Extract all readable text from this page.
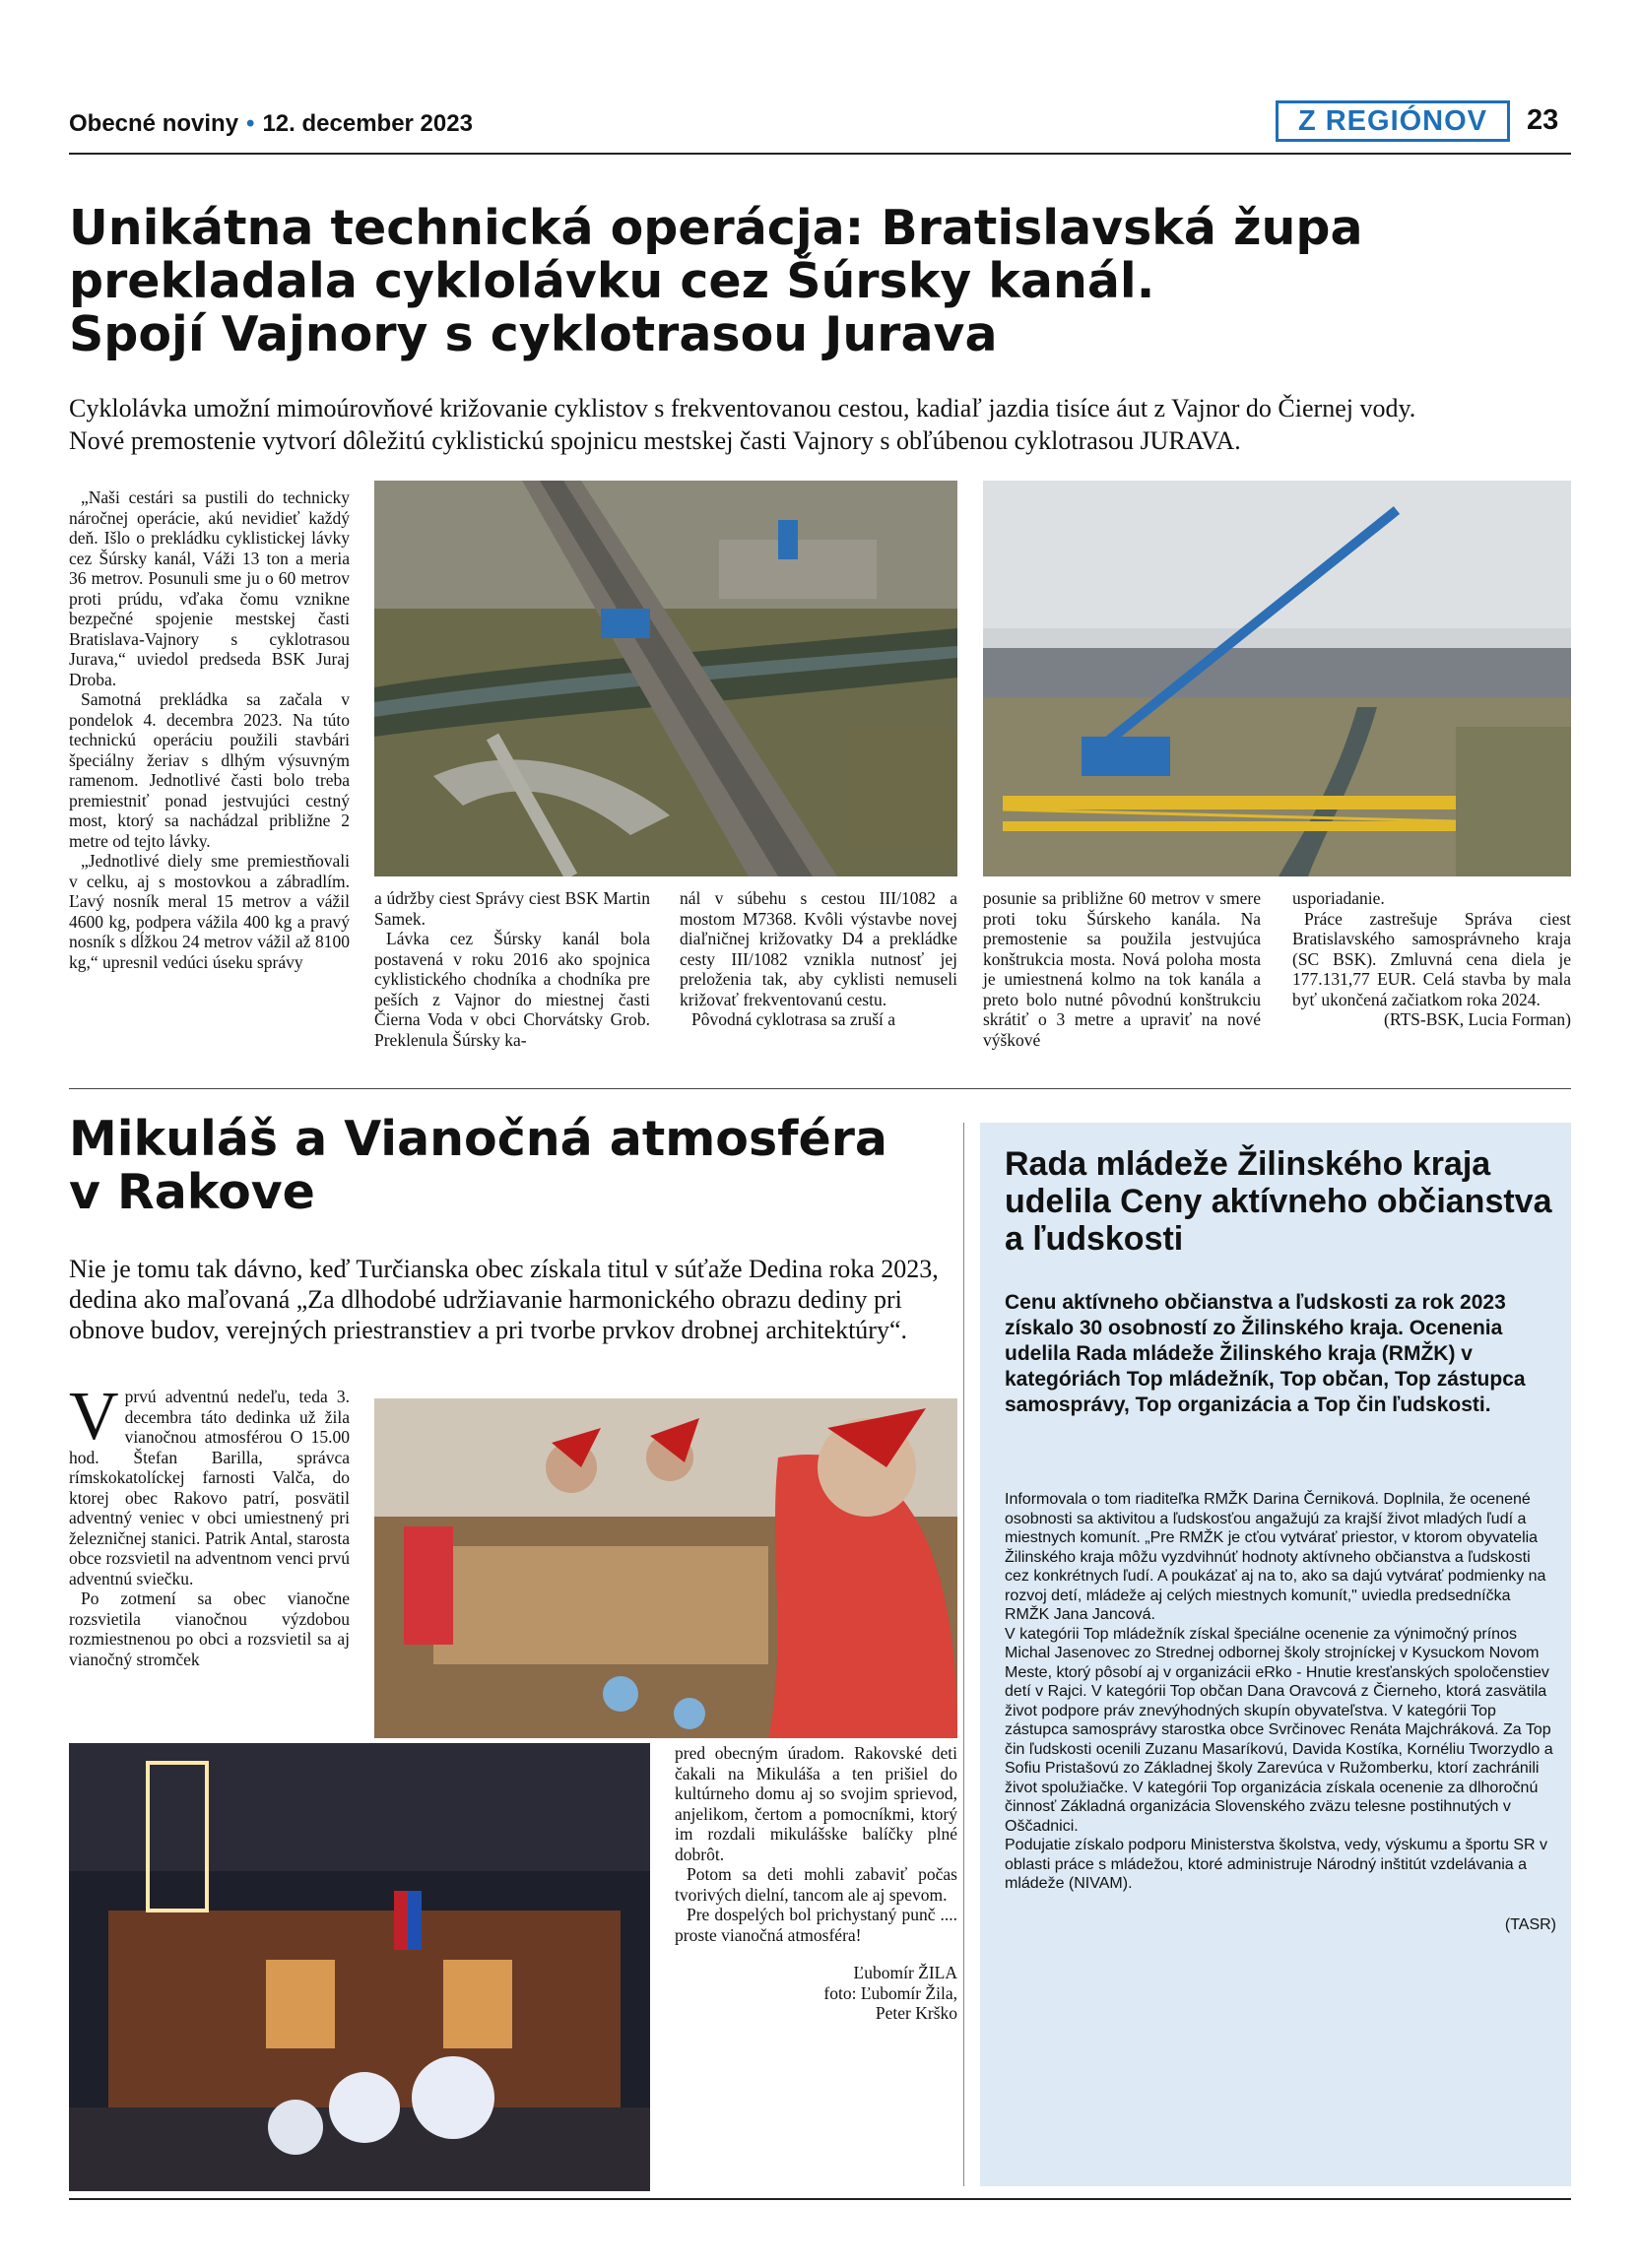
Obecné noviny • 12. december 2023	Z REGIÓNOV	23
Unikátna technická operácja: Bratislavská župa
prekladala cyklolávku cez Šúrsky kanál.
Spojí Vajnory s cyklotrasou Jurava
Cyklolávka umožní mimoúrovňové križovanie cyklistov s frekventovanou cestou, kadiaľ jazdia tisíce áut z Vajnor do Čiernej vody.
Nové premostenie vytvorí dôležitú cyklistickú spojnicu mestskej časti Vajnory s obľúbenou cyklotrasou JURAVA.

„Naši cestári sa pustili do technicky náročnej operácie, akú nevidieť každý deň. Išlo o prekládku cyklistickej lávky cez Šúrsky kanál, Váži 13 ton a meria 36 metrov. Posunuli sme ju o 60 metrov proti prúdu, vďaka čomu vznikne bezpečné spojenie mestskej časti Bratislava-Vajnory s cyklotrasou Jurava,“ uviedol predseda BSK Juraj Droba.

Samotná prekládka sa začala v pondelok 4. decembra 2023. Na túto technickú operáciu použili stavbári špeciálny žeriav s dlhým výsuvným ramenom. Jednotlivé časti bolo treba premiestniť ponad jestvujúci cestný most, ktorý sa nachádzal približne 2 metre od tejto lávky.

„Jednotlivé diely sme premiestňovali v celku, aj s mostovkou a zábradlím. Ľavý nosník meral 15 metrov a vážil 4600 kg, podpera vážila 400 kg a pravý nosník s dĺžkou 24 metrov vážil až 8100 kg,“ upresnil vedúci úseku správy

a údržby ciest Správy ciest BSK Martin Samek.

Lávka cez Šúrsky kanál bola postavená v roku 2016 ako spojnica cyklistického chodníka a chodníka pre peších z Vajnor do miestnej časti Čierna Voda v obci Chorvátsky Grob. Preklenula Šúrsky ka-

nál v súbehu s cestou III/1082 a mostom M7368. Kvôli výstavbe novej diaľničnej križovatky D4 a prekládke cesty III/1082 vznikla nutnosť jej preloženia tak, aby cyklisti nemuseli križovať frekventovanú cestu.

Pôvodná cyklotrasa sa zruší a

posunie sa približne 60 metrov v smere proti toku Šúrskeho kanála. Na premostenie sa použila jestvujúca konštrukcia mosta. Nová poloha mosta je umiestnená kolmo na tok kanála a preto bolo nutné pôvodnú konštrukciu skrátiť o 3 metre a upraviť na nové výškové

usporiadanie.

Práce zastrešuje Správa ciest Bratislavského samosprávneho kraja (SC BSK). Zmluvná cena diela je 177.131,77 EUR. Celá stavba by mala byť ukončená začiatkom roka 2024.

(RTS-BSK, Lucia Forman)

Mikuláš a Vianočná atmosféra
v Rakove
Nie je tomu tak dávno, keď Turčianska obec získala titul v súťaže Dedina roka 2023, dedina ako maľovaná „Za dlhodobé udržiavanie harmonického obrazu dediny pri obnove budov, verejných priestranstiev a pri tvorbe prvkov drobnej architektúry“.

Vprvú adventnú nedeľu, teda 3. decembra táto dedinka už žila vianočnou atmosférou O 15.00 hod. Štefan Barilla, správca rímskokatolíckej farnosti Valča, do ktorej obec Rakovo patrí, posvätil adventný veniec v obci umiestnený pri železničnej stanici. Patrik Antal, starosta obce rozsvietil na adventnom venci prvú adventnú sviečku.

Po zotmení sa obec vianočne rozsvietila vianočnou výzdobou rozmiestnenou po obci a rozsvietil sa aj vianočný stromček

pred obecným úradom. Rakovské deti čakali na Mikuláša a ten prišiel do kultúrneho domu aj so svojim sprievod, anjelikom, čertom a pomocníkmi, ktorý im rozdali mikulášske balíčky plné dobrôt.

Potom sa deti mohli zabaviť počas tvorivých dielní, tancom ale aj spevom.

Pre dospelých bol prichystaný punč .... proste vianočná atmosféra!

Ľubomír ŽILA
foto: Ľubomír Žila,
Peter Krško
Rada mládeže Žilinského kraja udelila Ceny aktívneho občianstva a ľudskosti
Cenu aktívneho občianstva a ľudskosti za rok 2023 získalo 30 osobností zo Žilinského kraja. Ocenenia udelila Rada mládeže Žilinského kraja (RMŽK) v kategóriách Top mládežník, Top občan, Top zástupca samosprávy, Top organizácia a Top čin ľudskosti.

Informovala o tom riaditeľka RMŽK Darina Černiková. Doplnila, že ocenené osobnosti sa aktivitou a ľudskosťou angažujú za krajší život mladých ľudí a miestnych komunít. „Pre RMŽK je cťou vytvárať priestor, v ktorom obyvatelia Žilinského kraja môžu vyzdvihnúť hodnoty aktívneho občianstva a ľudskosti cez konkrétnych ľudí. A poukázať aj na to, ako sa dajú vytvárať podmienky na rozvoj detí, mládeže aj celých miestnych komunít," uviedla predsedníčka RMŽK Jana Jancová.

V kategórii Top mládežník získal špeciálne ocenenie za výnimočný prínos Michal Jasenovec zo Strednej odbornej školy strojníckej v Kysuckom Novom Meste, ktorý pôsobí aj v organizácii eRko - Hnutie kresťanských spoločenstiev detí v Rajci. V kategórii Top občan Dana Oravcová z Čierneho, ktorá zasvätila život podpore práv znevýhodných skupín obyvateľstva. V kategórii Top zástupca samosprávy starostka obce Svrčinovec Renáta Majchráková. Za Top čin ľudskosti ocenili Zuzanu Masaríkovú, Davida Kostíka, Kornéliu Tworzydlo a Sofiu Pristašovú zo Základnej školy Zarevúca v Ružomberku, ktorí zachránili život spolužiačke. V kategórii Top organizácia získala ocenenie za dlhoročnú činnosť Základná organizácia Slovenského zväzu telesne postihnutých v Oščadnici.

Podujatie získalo podporu Ministerstva školstva, vedy, výskumu a športu SR v oblasti práce s mládežou, ktoré administruje Národný inštitút vzdelávania a mládeže (NIVAM).

(TASR)
